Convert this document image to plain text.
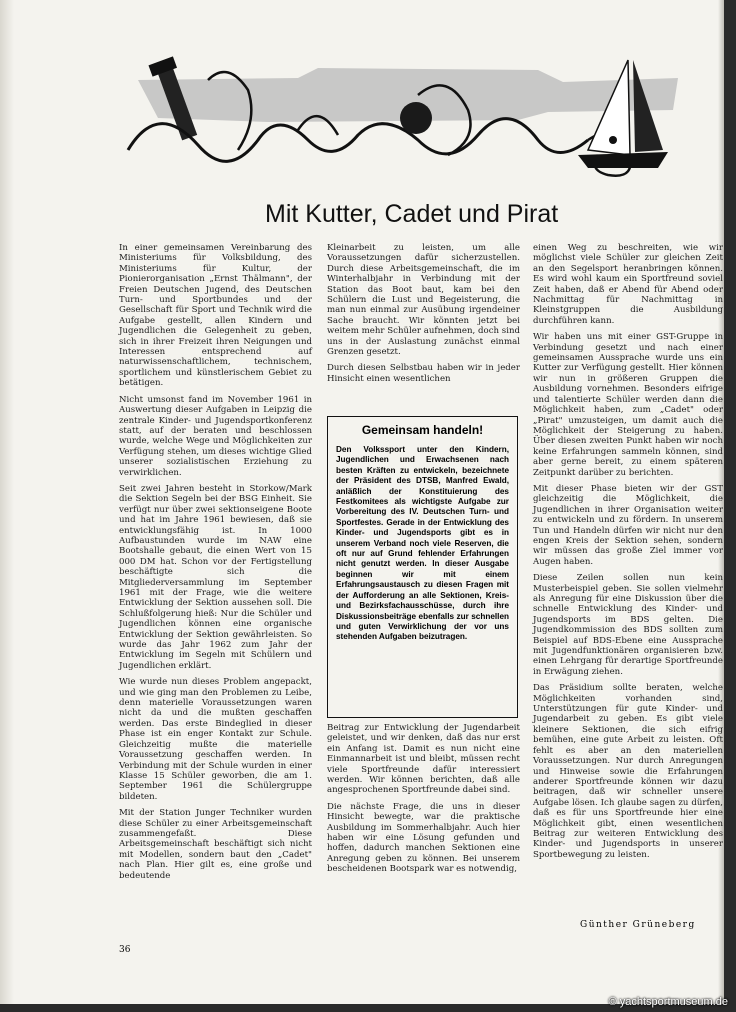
Mit Kutter, Cadet und Pirat

In einer gemeinsamen Vereinbarung des Ministeriums für Volksbildung, des Ministeriums für Kultur, der Pionierorganisation „Ernst Thälmann", der Freien Deutschen Jugend, des Deutschen Turn- und Sportbundes und der Gesellschaft für Sport und Technik wird die Aufgabe gestellt, allen Kindern und Jugendlichen die Gelegenheit zu geben, sich in ihrer Freizeit ihren Neigungen und Interessen entsprechend auf naturwissenschaftlichem, technischem, sportlichem und künstlerischem Gebiet zu betätigen.

Nicht umsonst fand im November 1961 in Auswertung dieser Aufgaben in Leipzig die zentrale Kinder- und Jugendsportkonferenz statt, auf der beraten und beschlossen wurde, welche Wege und Möglichkeiten zur Verfügung stehen, um dieses wichtige Glied unserer sozialistischen Erziehung zu verwirklichen.

Seit zwei Jahren besteht in Storkow/Mark die Sektion Segeln bei der BSG Einheit. Sie verfügt nur über zwei sektionseigene Boote und hat im Jahre 1961 bewiesen, daß sie entwicklungsfähig ist. In 1000 Aufbaustunden wurde im NAW eine Bootshalle gebaut, die einen Wert von 15 000 DM hat. Schon vor der Fertigstellung beschäftigte sich die Mitgliederversammlung im September 1961 mit der Frage, wie die weitere Entwicklung der Sektion aussehen soll. Die Schlußfolgerung hieß: Nur die Schüler und Jugendlichen können eine organische Entwicklung der Sektion gewährleisten. So wurde das Jahr 1962 zum Jahr der Entwicklung im Segeln mit Schülern und Jugendlichen erklärt.

Wie wurde nun dieses Problem angepackt, und wie ging man den Problemen zu Leibe, denn materielle Voraussetzungen waren nicht da und die mußten geschaffen werden. Das erste Bindeglied in dieser Phase ist ein enger Kontakt zur Schule. Gleichzeitig mußte die materielle Voraussetzung geschaffen werden. In Verbindung mit der Schule wurden in einer Klasse 15 Schüler geworben, die am 1. September 1961 die Schülergruppe bildeten.

Mit der Station Junger Techniker wurden diese Schüler zu einer Arbeitsgemeinschaft zusammengefaßt. Diese Arbeitsgemeinschaft beschäftigt sich nicht mit Modellen, sondern baut den „Cadet" nach Plan. Hier gilt es, eine große und bedeutende

Kleinarbeit zu leisten, um alle Voraussetzungen dafür sicherzustellen. Durch diese Arbeitsgemeinschaft, die im Winterhalbjahr in Verbindung mit der Station das Boot baut, kam bei den Schülern die Lust und Begeisterung, die man nun einmal zur Ausübung irgendeiner Sache braucht. Wir könnten jetzt bei weitem mehr Schüler aufnehmen, doch sind uns in der Auslastung zunächst einmal Grenzen gesetzt.

Durch diesen Selbstbau haben wir in jeder Hinsicht einen wesentlichen

Gemeinsam handeln!

Den Volkssport unter den Kindern, Jugendlichen und Erwachsenen nach besten Kräften zu entwickeln, bezeichnete der Präsident des DTSB, Manfred Ewald, anläßlich der Konstituierung des Festkomitees als wichtigste Aufgabe zur Vorbereitung des IV. Deutschen Turn- und Sportfestes. Gerade in der Entwicklung des Kinder- und Jugendsports gibt es in unserem Verband noch viele Reserven, die oft nur auf Grund fehlender Erfahrungen nicht genutzt werden. In dieser Ausgabe beginnen wir mit einem Erfahrungsaustausch zu diesen Fragen mit der Aufforderung an alle Sektionen, Kreis- und Bezirksfachausschüsse, durch ihre Diskussionsbeiträge ebenfalls zur schnellen und guten Verwirklichung der vor uns stehenden Aufgaben beizutragen.

Beitrag zur Entwicklung der Jugendarbeit geleistet, und wir denken, daß das nur erst ein Anfang ist. Damit es nun nicht eine Einmannarbeit ist und bleibt, müssen recht viele Sportfreunde dafür interessiert werden. Wir können berichten, daß alle angesprochenen Sportfreunde dabei sind.

Die nächste Frage, die uns in dieser Hinsicht bewegte, war die praktische Ausbildung im Sommerhalbjahr. Auch hier haben wir eine Lösung gefunden und hoffen, dadurch manchen Sektionen eine Anregung geben zu können. Bei unserem bescheidenen Bootspark war es notwendig,

einen Weg zu beschreiten, wie wir möglichst viele Schüler zur gleichen Zeit an den Segelsport heranbringen können. Es wird wohl kaum ein Sportfreund soviel Zeit haben, daß er Abend für Abend oder Nachmittag für Nachmittag in Kleinstgruppen die Ausbildung durchführen kann.

Wir haben uns mit einer GST-Gruppe in Verbindung gesetzt und nach einer gemeinsamen Aussprache wurde uns ein Kutter zur Verfügung gestellt. Hier können wir nun in größeren Gruppen die Ausbildung vornehmen. Besonders eifrige und talentierte Schüler werden dann die Möglichkeit haben, zum „Cadet" oder „Pirat" umzusteigen, um damit auch die Möglichkeit der Steigerung zu haben. Über diesen zweiten Punkt haben wir noch keine Erfahrungen sammeln können, sind aber gerne bereit, zu einem späteren Zeitpunkt darüber zu berichten.

Mit dieser Phase bieten wir der GST gleichzeitig die Möglichkeit, die Jugendlichen in ihrer Organisation weiter zu entwickeln und zu fördern. In unserem Tun und Handeln dürfen wir nicht nur den engen Kreis der Sektion sehen, sondern wir müssen das große Ziel immer vor Augen haben.

Diese Zeilen sollen nun kein Musterbeispiel geben. Sie sollen vielmehr als Anregung für eine Diskussion über die schnelle Entwicklung des Kinder- und Jugendsports im BDS gelten. Die Jugendkommission des BDS sollten zum Beispiel auf BDS-Ebene eine Aussprache mit Jugendfunktionären organisieren bzw. einen Lehrgang für derartige Sportfreunde in Erwägung ziehen.

Das Präsidium sollte beraten, welche Möglichkeiten vorhanden sind, Unterstützungen für gute Kinder- und Jugendarbeit zu geben. Es gibt viele kleinere Sektionen, die sich eifrig bemühen, eine gute Arbeit zu leisten. Oft fehlt es aber an den materiellen Voraussetzungen. Nur durch Anregungen und Hinweise sowie die Erfahrungen anderer Sportfreunde können wir dazu beitragen, daß wir schneller unsere Aufgabe lösen. Ich glaube sagen zu dürfen, daß es für uns Sportfreunde hier eine Möglichkeit gibt, einen wesentlichen Beitrag zur weiteren Entwicklung des Kinder- und Jugendsports in unserer Sportbewegung zu leisten.

Günther Grüneberg
36
© yachtsportmuseum.de
